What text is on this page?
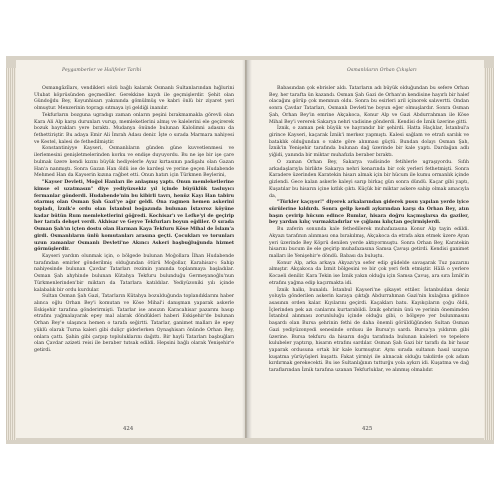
Peygamberler ve Halifeler Tarihi

Osmangâzîlars, vendikleri sözü bağlı kalarak Osmanlı Sultanlarından hığlurini Ulubat köprüsünden geçmediler. Gerekkine kaydı ile geçmişlerdir. Şehit olan Gündoğdu Bey, Koyunhisarı yakınında gömülmüş ve kabri önlü bir ziyaret yeri olmuştur. Menzerinin topragı sıtmaya iyi geldiği inanılır.

Tekfurların bozguna ugradıgı zaman onların peşini bırakmamakla görevli olan Kara Ali Alp karşı durunları vurup, memleketlerini almış ve kalelerini ele geçirerek bozuk bayrakları yere bıraktı. Mudanya önünde bulunan Kalolimni adasını da fethettiriştir. Bu adaya Emir Ali İmrah Adası denir. İşte o sırada Marmara nahiyesi ve Kestel, kalesi de fethedilmiştir.

Konstantiniyye Kayseri, Osmanlıların günden güne kuvvetlenmesi ve ilerlemesini genişletmelerinden korku ve endişe duyuyordu. Bu ne işe bir işe çare bulmak üzere kendi kızını büyük hediyelerle Ayaz kırtasının padişahı olan Gazan Han'a nanmıştı. Sonra Gazan Han öldü ise de kardeşi ve yerine geçen Hudabende Mehmed Han da Kayserin kızına rağbet etti. Onun hatırı için Türkmen Beylerini,

"Kayser Devleti, Moğol Hanları ile anlaşmış yaptı. Onun memleketlerine kimse el uzatmasın" diye yediyüzsekiz yıl içinde büyüklük tasluyıcı fermanlar gönderdi. Hudabende'nin bu kibirli tavrı, henüz Kayı Han tabiru otarmış olan Osman Şah Gazi'ye ağır geldi. Ona ragmen hemen askerini topladı, İznik'e ordu olan İstanbul boğazında bulunan İstavroz köyüne kadar bütün Rum memleketlerini göğredi. Kochisar'ı ve Lefke'yi de geçirip her tarafa dehşet verdi. Akhisar ve Geyve Tekfurları boyun eğdiler. O sırada Osman Şah'ın içten dostu olan Harman Kaya Tekfuru Köse Mihal de İslam'a girdi. Osmanlıların ünlü komutanları arasına geçti. Çocukları ve torunları uzun zamanlar Osmanlı Devleti'ne Akıncı Askeri başbuğluğunda hizmet görmüşlerdir.

Kayseri yardım olunmak için, o bölgede bulunan Moğollara İlhan Hudabende tarafından emirler gönderilmiş olduğundan ötürü Moğollar, Karahisar-ı Sahip nahiyesinde bulunan Çavdar Tatarları rezimin yanında toplanmaya başladılar. Osman Şah ahyhinde bulunan Kütahya Tekfuru bulunduğu Germeyanoğlu'nun Türkmenlerinden'bir miktarı da Tatarlara katıldılar. Yediyüzoniki yılı içinde kalabalık bir ordu kurdular.

Sultan Osman Şah Gazi, Tatarların Kütahya bozulduğunda toplandıklarını haber alınca oğlu Orhan Bey'i komutan ve Köse Mihal'i danışman yaparak askerle Eskişehir tarafına gönderirmişti. Tatarlar ise ansızın Karacahisar pazarını basıp etrafını yağmalayarak epey mal alarak döndükleri haberi Eskişehir'de bulunan Orhan Bey'e ulaşınca hemen o tarafa seğirtti. Tatarlar, ganimet malları ile epey yüklü olarak Turna kaleri gibi duliçr giderlerken Oynaşhisarı önünde Orhan Bey, onlara çattı. Şahin gibi çarpıp topluluklarını dağıttı. Bir hayli Tatarları başbuğları olan Çavdar azizeti reisi ile beraber tutsak edildi. Hepsini bağlı olarak Yenişehir'e getirdi.

424
Osmanlıların Orhan Çıkışları

Babasından çok ebrisler aldı. Tatarların adı büyük olduğundan bu sefere Orhan Bey, her tarafta ün kazandı. Osman Şah Gazi de Orhan'ın kendisine hayırlı bir halef olacağını görüp çok memnun oldu. Sonra bu esirleri aril içinorek salıvertti. Ondan sonra Çavdar Tatarları, Osmanlı Devleti'ne boyun eğer olmuşlardır. Sonra Osman Şah, Orhan Bey'in emrine Akçakoca, Konur Alp ve Gazi Abdurrahman ile Köse Mihal Bey'i vererek Sakarya nehri vadisine gönderdi. Kendisi de İznik üzerine gitti.

İznik, o zaman pek büyük ve hayrandır bir şehirdi. Hatta Haçlılar, İstanbul'a girince Kayseri, kaçarak İznik'i merkez yapmıştı. Kalesi sağlam ve etrafı sarılık ve bataklık olduğundan o vakte göre alınması güçtü. Bundan dolayı Osman Şah, İznik'in Yenişehir tarafında bulunan dağ üzerinde bir kale yaptı. Dardağan adlı yiğidi, yanında bir miktar muhafızla beraber bıraktı.

O zaman Orhan Bey, Sakarya vadisinde fetihlerle ugraşıyordu. Sıfıh arkadaşlarıyla birlikte Sakarya nehri kenarında bir cok yerleri fethetmişti. Sonra Karadere üzerinden Karatekin hisarı almak için bir hücum ile kumu ormanlık içinde gizlendi. Gece kalan askerle kaleyi sarıp birkaç gün sonra dündü. Kaçar gibi yaptı, Kuşatılar bu hisarın içine kıtlık çıktı. Küçük bir miktar askere sahip olmak amacıyla da,

"Türkler kaçıyor!" diyerek arkalarından giderek pusu yapılan yerde iyice sürülerine kıldırdı. Sonra gelip kendi aykırından karşı da Orhan Bey, atın başın çevirip hücum edince Rumlar, hisara doğru kaçmışlarsa da gaziler, bey yardan kılıç vurmaktadırlar ve çığlamı kılıçtan geçirmişlerdi.

Bu zaferin sonunda kale fethedilerek muhafazasına Konur Alp tayin edildi. Akyazı tarafının alınması ona bırakılmış, Akçakoca da etrafa akın etmek üzere Ayan yeri üzerinde Bey Köprü denilen yerde aktıyormuştu. Sonra Orhan Bey, Karatekin hisarını bucum ile ele geçirip muhafazasına Samsa Çavuşı getirdi. Kendisi ganimet malları ile Yenişehir'e döndü. Babası da buluştu.

Konur Alp, arka arkaya Akyazı'ya sefer edip güdelde savaşarak Tuz pazarını almıştır. Akçakoca da İzmit bölgesini ve bir çok yeri feth etmiştir. Hâlâ o yerlere Kocaeli denilir. Kara Tekin ise İznik yakın olduğu için Samsa Çavuş, ara sıra İznik'in etrafını yağma edip kaçırmakta idi.

İznik halkı, bunaldı. İstanbul Kayseri'ne şikayet ettiler. İstanbuldan deniz yoluyla gönderilen askerin karaya çıktığı Abdurrahman Gazi'nin kulağına gidince asasının orden kalar. Kıyılarını geçirdi. Kaçakları batu. Kayıkçıların çoğu öldü, İçlerinden pek azı canlarını kurtarabildi. İznik şehrinin ünü ve yerinin önemimden İstanbul alınması zorunluluğu içinde olduğu gibi, o bölgeye yer bulunmasını başardı olan Bursa şehrinin fethi de daha önemli görüldüğünden Sultan Osman Gazi yediyüzonyedi senesinde ordusu ile Bursa'yı sardı. Bursa'ya yıldırım gibi üzerine. Bursa tekfuru da hisarın doğu tarafında bulunan kaleleri ve tepelere kulubeler yaptırıp, hisarın etrafını sardılar. Osman Şah Gazi bir taraflı da bir hısar yaparak ordusuna ortak bir kale kurmuştur. Aynı sırada sultanın hasıl uzayan kuşatma yürüyüşleri kuşattı. Fakat yirmiyi ile alınacak olduğu takdirde çok adam kırdırmak gerekecekti. Bu ise Sultanlığının tutturğu yola aykırı idi. Kuşatma ve dağ taraflarından İznik tarafına uzanan Tekfurluklar, ve alınmış olmalıdır.

425
